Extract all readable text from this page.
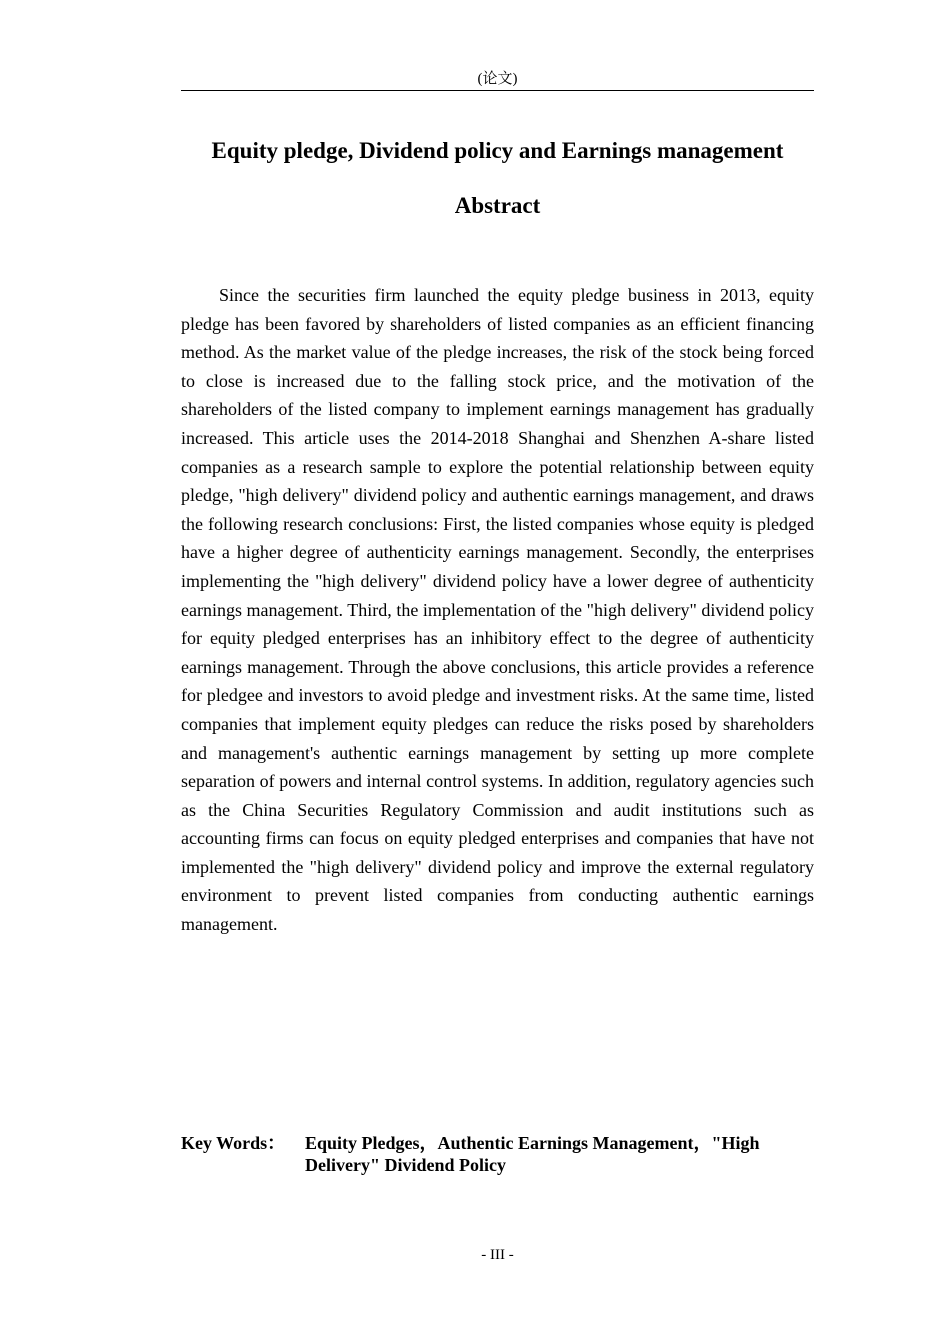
(论文)
Equity pledge, Dividend policy and Earnings management
Abstract

Since the securities firm launched the equity pledge business in 2013, equity pledge has been favored by shareholders of listed companies as an efficient financing method. As the market value of the pledge increases, the risk of the stock being forced to close is increased due to the falling stock price, and the motivation of the shareholders of the listed company to implement earnings management has gradually increased. This article uses the 2014-2018 Shanghai and Shenzhen A-share listed companies as a research sample to explore the potential relationship between equity pledge, "high delivery" dividend policy and authentic earnings management, and draws the following research conclusions: First, the listed companies whose equity is pledged have a higher degree of authenticity earnings management. Secondly, the enterprises implementing the "high delivery" dividend policy have a lower degree of authenticity earnings management. Third, the implementation of the "high delivery" dividend policy for equity pledged enterprises has an inhibitory effect to the degree of authenticity earnings management. Through the above conclusions, this article provides a reference for pledgee and investors to avoid pledge and investment risks. At the same time, listed companies that implement equity pledges can reduce the risks posed by shareholders and management's authentic earnings management by setting up more complete separation of powers and internal control systems. In addition, regulatory agencies such as the China Securities Regulatory Commission and audit institutions such as accounting firms can focus on equity pledged enterprises and companies that have not implemented the "high delivery" dividend policy and improve the external regulatory environment to prevent listed companies from conducting authentic earnings management.

Key Words：	Equity Pledges，Authentic Earnings Management，"High Delivery" Dividend Policy
- III -
